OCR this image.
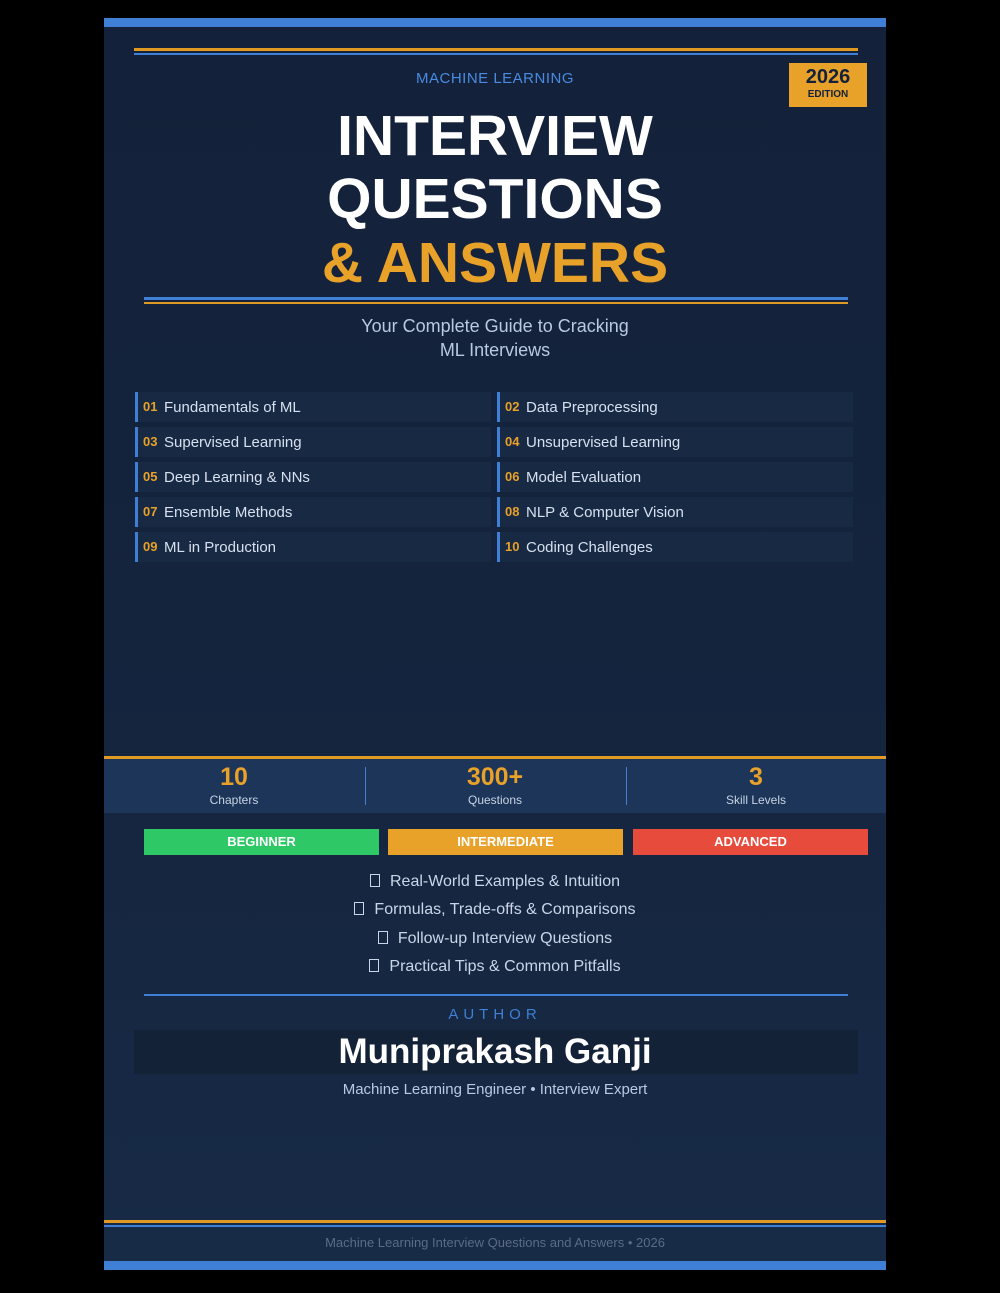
MACHINE LEARNING	2026
EDITION
INTERVIEW
QUESTIONS
& ANSWERS
Your Complete Guide to Cracking
ML Interviews
01 Fundamentals of ML	02 Data Preprocessing
03 Supervised Learning	04 Unsupervised Learning
05 Deep Learning & NNs	06 Model Evaluation
07 Ensemble Methods	08 NLP & Computer Vision
09 ML in Production	10 Coding Challenges
10
Chapters
300+
Questions
3
Skill Levels
BEGINNER	INTERMEDIATE	ADVANCED
Real-World Examples & Intuition
Formulas, Trade-offs & Comparisons
Follow-up Interview Questions
Practical Tips & Common Pitfalls
AUTHOR
Muniprakash Ganji
Machine Learning Engineer • Interview Expert
Machine Learning Interview Questions and Answers • 2026
